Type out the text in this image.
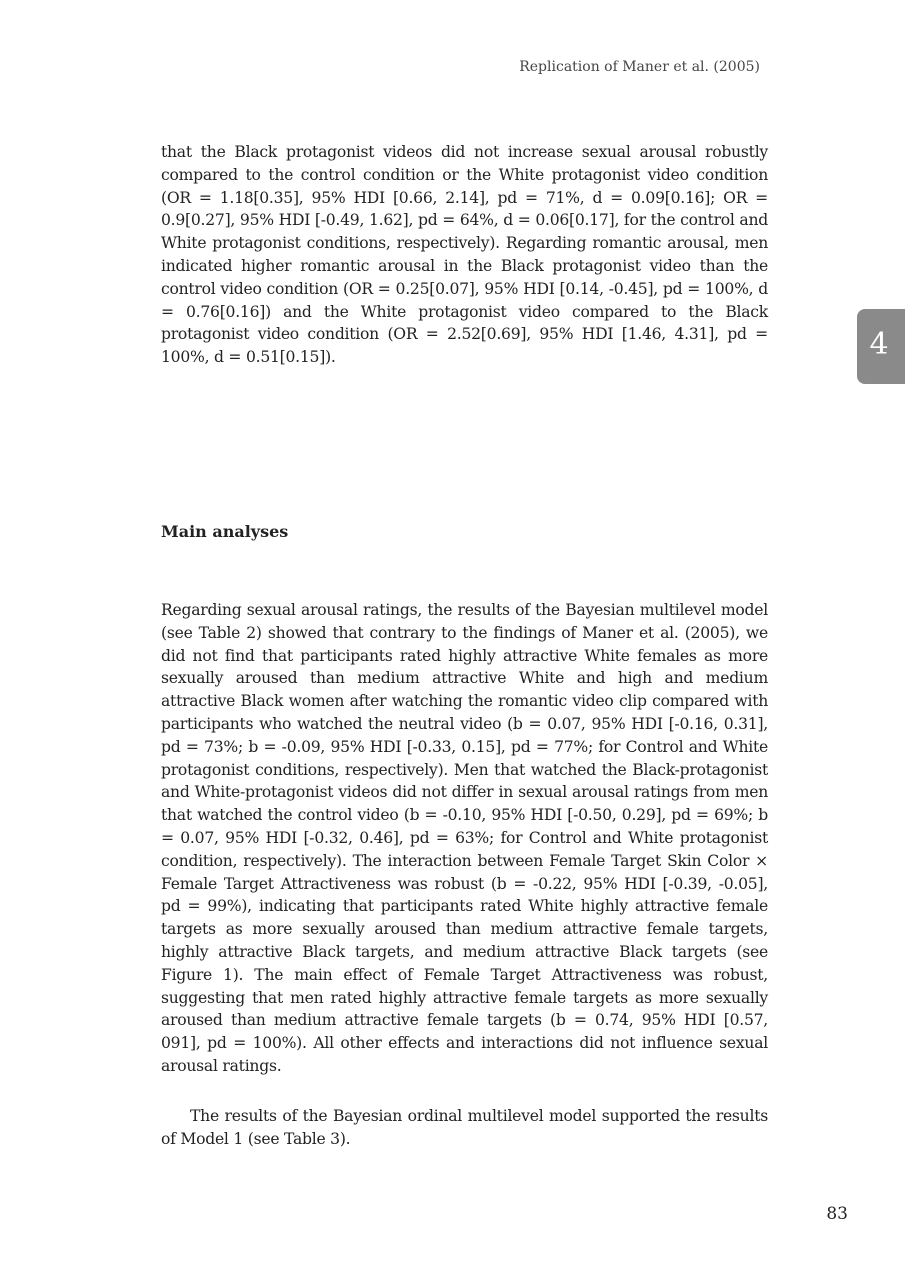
Replication of Maner et al. (2005)
4

that the Black protagonist videos did not increase sexual arousal robustly compared to the control condition or the White protagonist video condition (OR = 1.18[0.35], 95% HDI [0.66, 2.14], pd = 71%, d = 0.09[0.16]; OR = 0.9[0.27], 95% HDI [-0.49, 1.62], pd = 64%, d = 0.06[0.17], for the control and White protagonist conditions, respectively). Regarding romantic arousal, men indicated higher romantic arousal in the Black protagonist video than the control video condition (OR = 0.25[0.07], 95% HDI [0.14, -0.45], pd = 100%, d = 0.76[0.16]) and the White protagonist video compared to the Black protagonist video condition (OR = 2.52[0.69], 95% HDI [1.46, 4.31], pd = 100%, d = 0.51[0.15]).

Main analyses

Regarding sexual arousal ratings, the results of the Bayesian multilevel model (see Table 2) showed that contrary to the findings of Maner et al. (2005), we did not find that participants rated highly attractive White females as more sexually aroused than medium attractive White and high and medium attractive Black women after watching the romantic video clip compared with participants who watched the neutral video (b = 0.07, 95% HDI [-0.16, 0.31], pd = 73%; b = -0.09, 95% HDI [-0.33, 0.15], pd = 77%; for Control and White protagonist conditions, respectively). Men that watched the Black-protagonist and White-protagonist videos did not differ in sexual arousal ratings from men that watched the control video (b = -0.10, 95% HDI [-0.50, 0.29], pd = 69%; b = 0.07, 95% HDI [-0.32, 0.46], pd = 63%; for Control and White protagonist condition, respectively). The interaction between Female Target Skin Color × Female Target Attractiveness was robust (b = -0.22, 95% HDI [-0.39, -0.05], pd = 99%), indicating that participants rated White highly attractive female targets as more sexually aroused than medium attractive female targets, highly attractive Black targets, and medium attractive Black targets (see Figure 1). The main effect of Female Target Attractiveness was robust, suggesting that men rated highly attractive female targets as more sexually aroused than medium attractive female targets (b = 0.74, 95% HDI [0.57, 091], pd = 100%). All other effects and interactions did not influence sexual arousal ratings.

The results of the Bayesian ordinal multilevel model supported the results of Model 1 (see Table 3).

83
